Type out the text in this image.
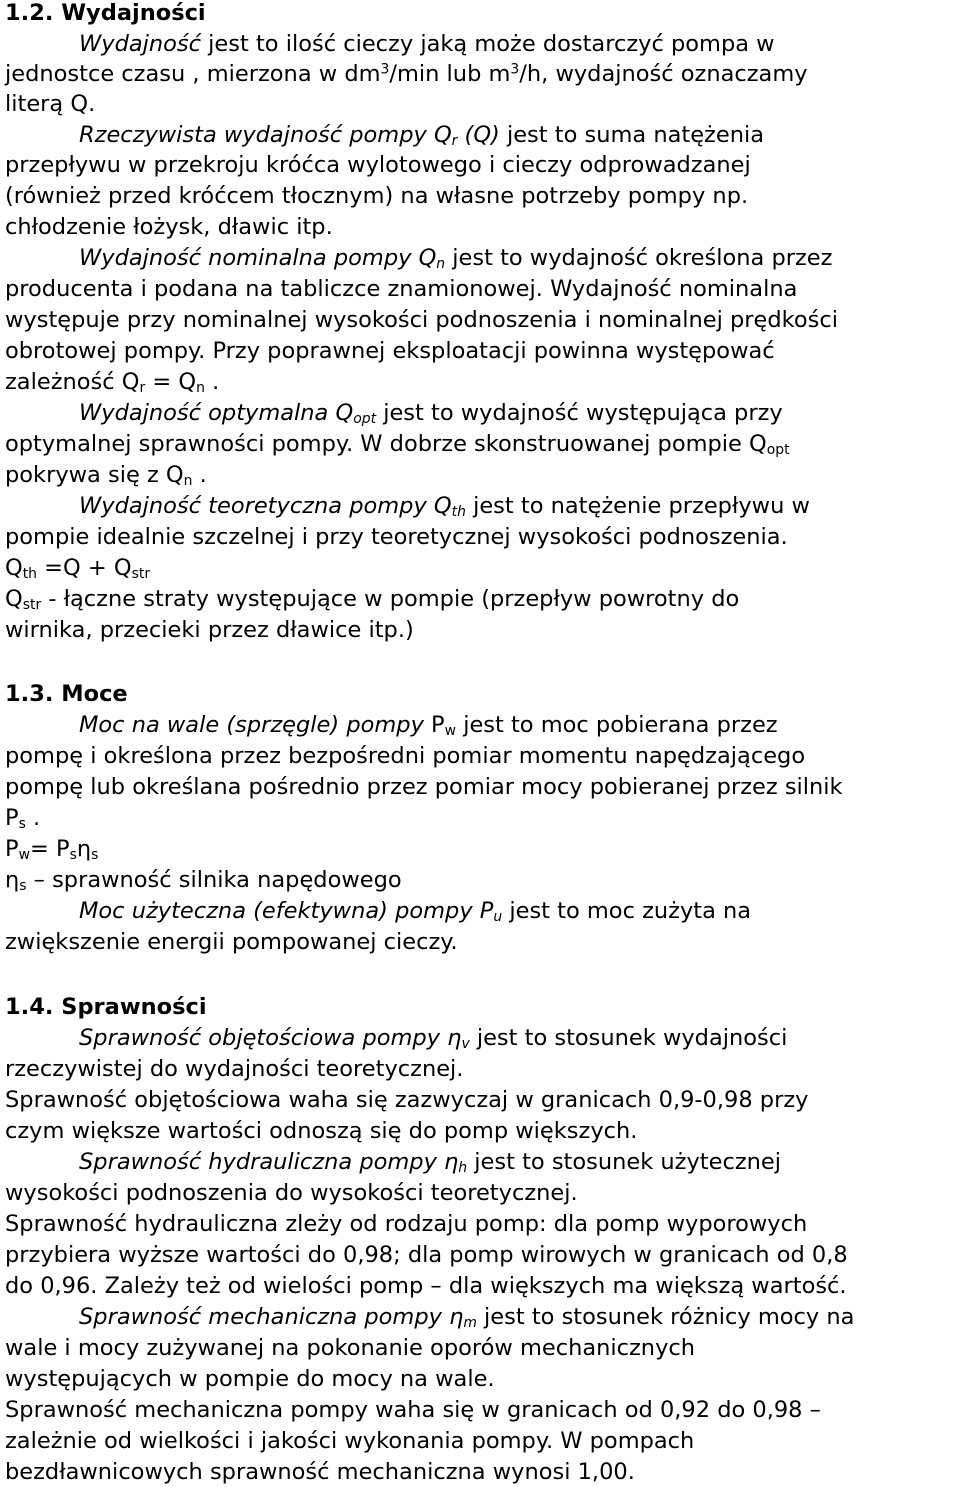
1.2. Wydajności
Wydajność jest to ilość cieczy jaką może dostarczyć pompa w
jednostce czasu , mierzona w $dm^3/\min$ lub $m^3/h$, wydajność oznaczamy
literą Q.
Rzeczywista wydajność pompy $Q_r$ (Q) jest to suma natężenia
przepływu w przekroju króćca wylotowego i cieczy odprowadzanej
(również przed króćcem tłocznym) na własne potrzeby pompy np.
chłodzenie łożysk, dławic itp.
Wydajność nominalna pompy $Q_n$ jest to wydajność określona przez
producenta i podana na tabliczce znamionowej. Wydajność nominalna
występuje przy nominalnej wysokości podnoszenia i nominalnej prędkości
obrotowej pompy. Przy poprawnej eksploatacji powinna występować
zależność $Q_r = Q_n$ .
Wydajność optymalna $Q_{opt}$ jest to wydajność występująca przy
optymalnej sprawności pompy. W dobrze skonstruowanej pompie $Q_{opt}$
pokrywa się z $Q_n$ .
Wydajność teoretyczna pompy $Q_{th}$ jest to natężenie przepływu w
pompie idealnie szczelnej i przy teoretycznej wysokości podnoszenia.
$Q_{th} =Q + Q_{str}$
$Q_{str}$ - łączne straty występujące w pompie (przepływ powrotny do
wirnika, przecieki przez dławice itp.)
1.3. Moce
Moc na wale (sprzęgle) pompy $P_w$ jest to moc pobierana przez
pompę i określona przez bezpośredni pomiar momentu napędzającego
pompę lub określana pośrednio przez pomiar mocy pobieranej przez silnik
$P_s$ .
$P_w= P_s\eta_s$
$\eta_s$ – sprawność silnika napędowego
Moc użyteczna (efektywna) pompy $P_u$ jest to moc zużyta na
zwiększenie energii pompowanej cieczy.
1.4. Sprawności
Sprawność objętościowa pompy $\eta_v$ jest to stosunek wydajności
rzeczywistej do wydajności teoretycznej.
Sprawność objętościowa waha się zazwyczaj w granicach 0,9-0,98 przy
czym większe wartości odnoszą się do pomp większych.
Sprawność hydrauliczna pompy $\eta_h$ jest to stosunek użytecznej
wysokości podnoszenia do wysokości teoretycznej.
Sprawność hydrauliczna zleży od rodzaju pomp: dla pomp wyporowych
przybiera wyższe wartości do 0,98; dla pomp wirowych w granicach od 0,8
do 0,96. Zależy też od wielości pomp – dla większych ma większą wartość.
Sprawność mechaniczna pompy $\eta_m$ jest to stosunek różnicy mocy na
wale i mocy zużywanej na pokonanie oporów mechanicznych
występujących w pompie do mocy na wale.
Sprawność mechaniczna pompy waha się w granicach od 0,92 do 0,98 –
zależnie od wielkości i jakości wykonania pompy. W pompach
bezdławnicowych sprawność mechaniczna wynosi 1,00.
